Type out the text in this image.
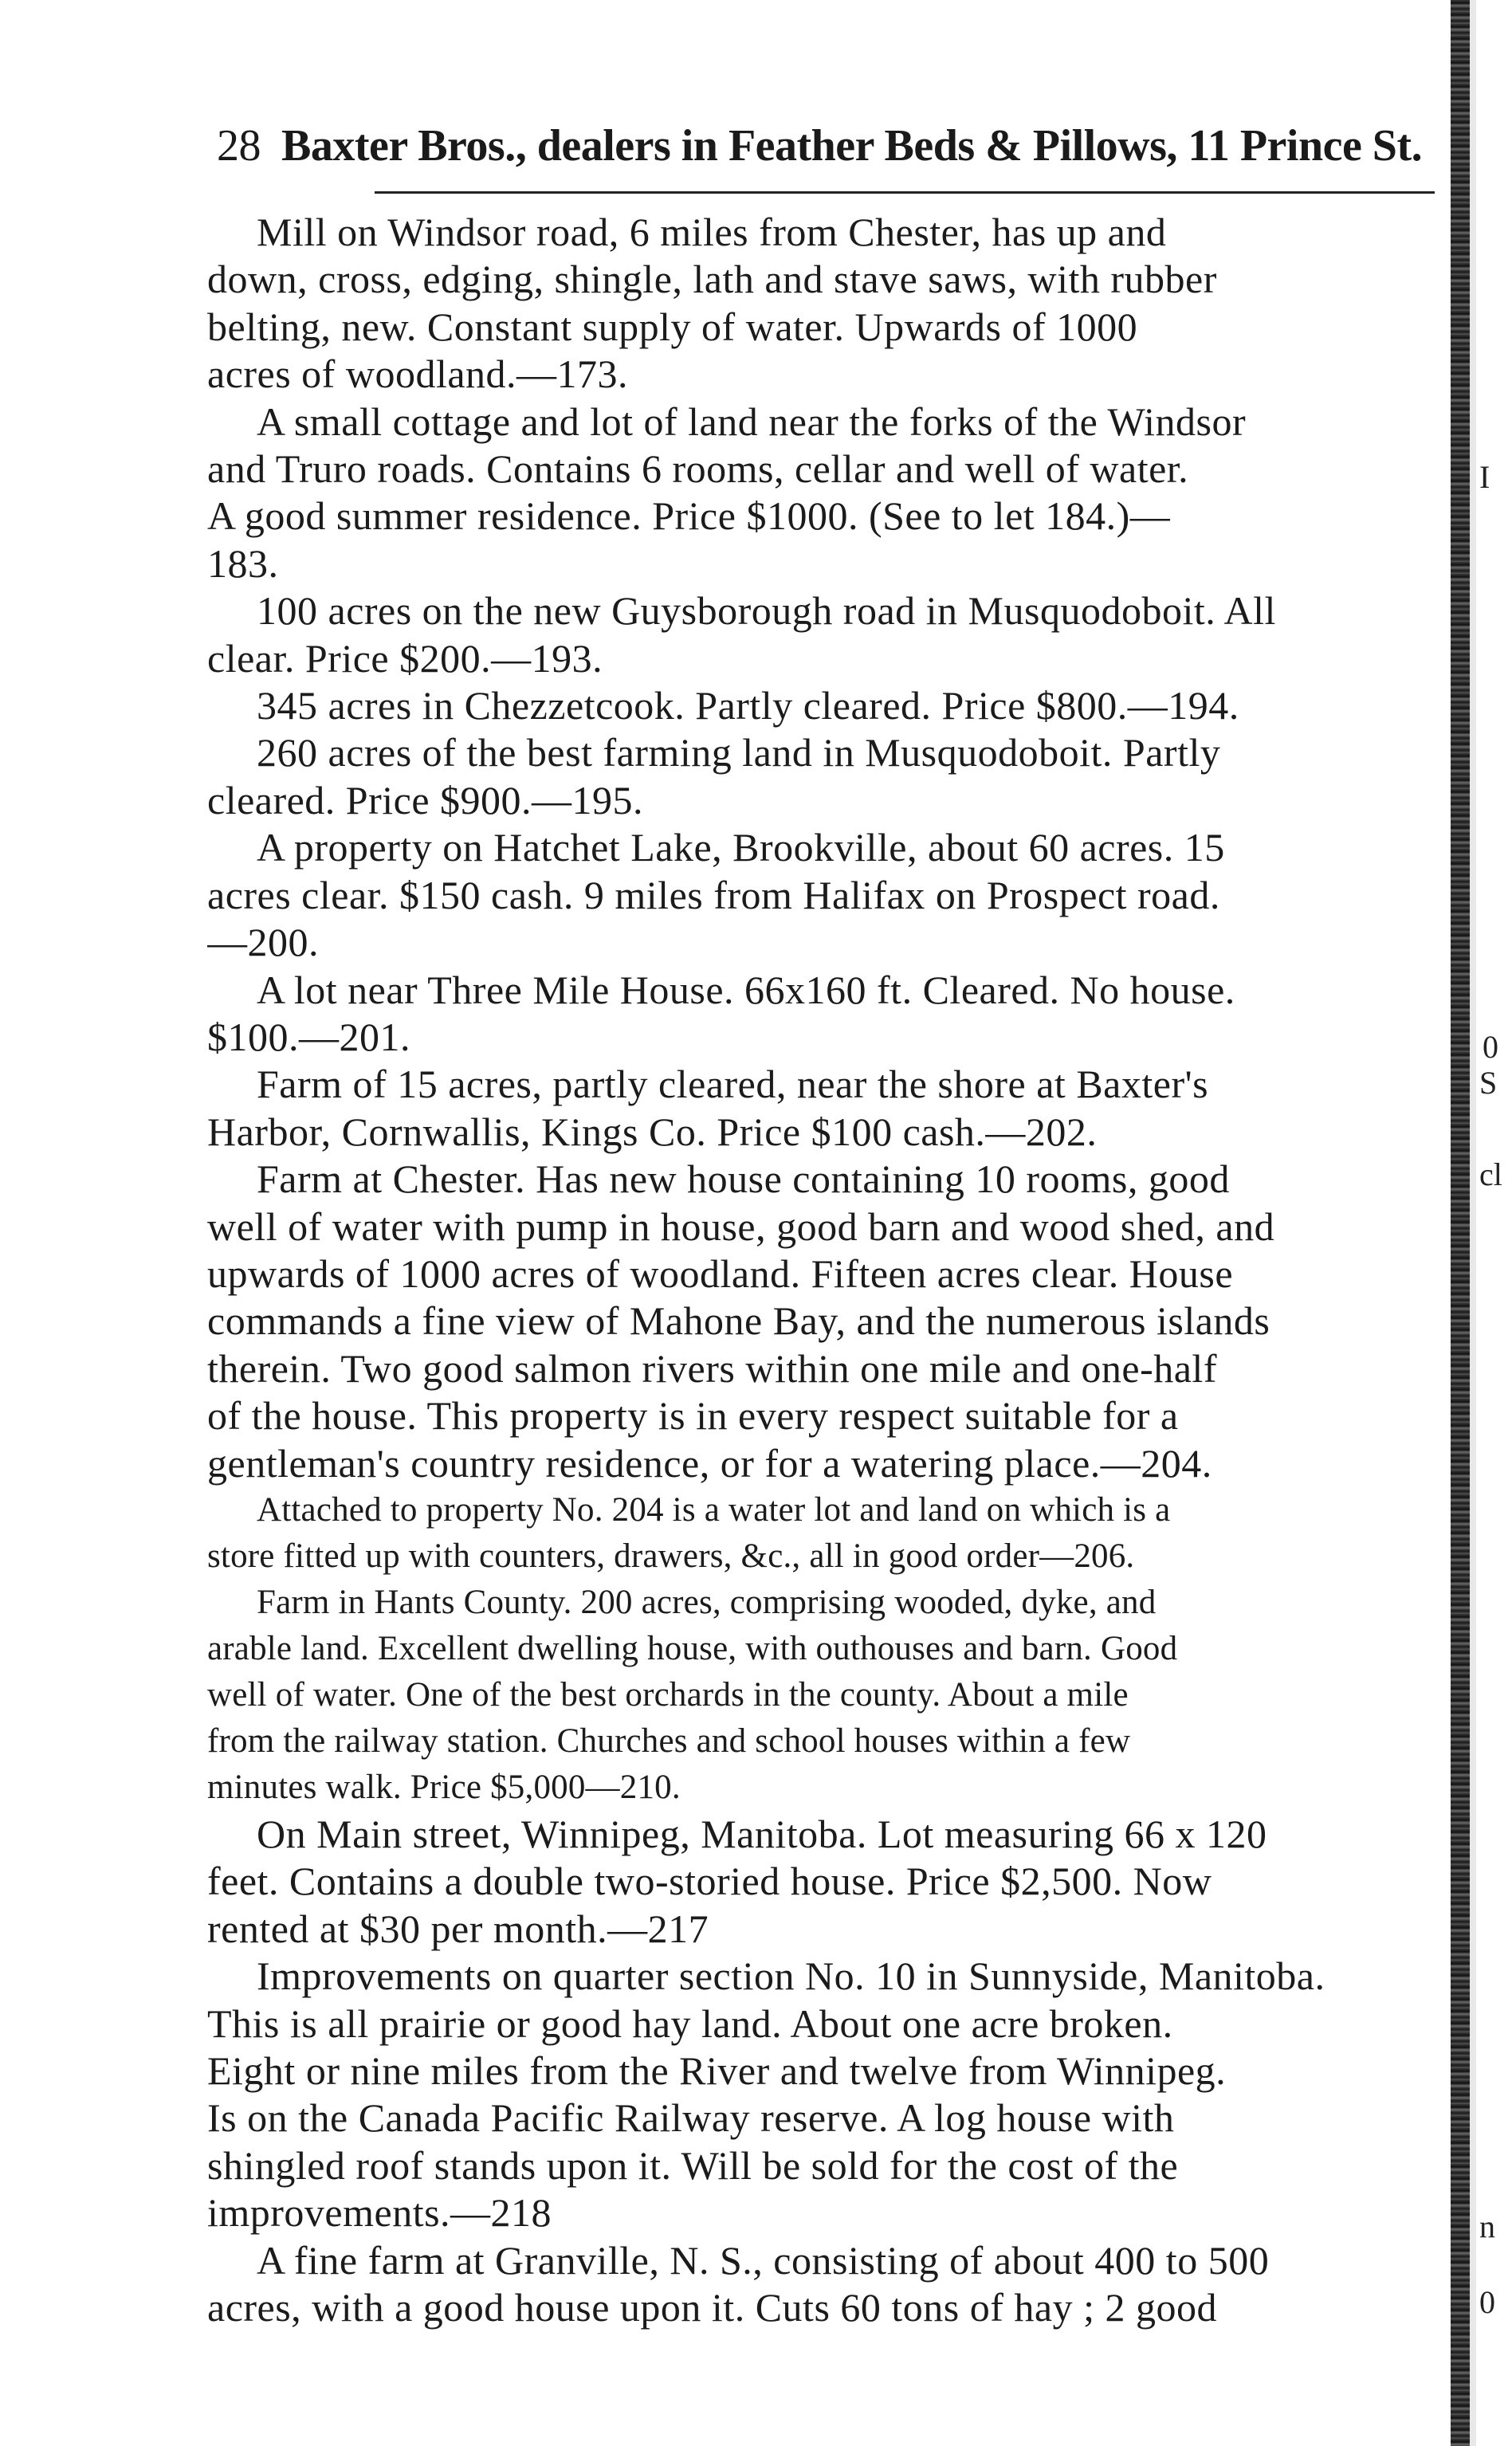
28 Baxter Bros., dealers in Feather Beds & Pillows, 11 Prince St.
Mill on Windsor road, 6 miles from Chester, has up and
down, cross, edging, shingle, lath and stave saws, with rubber
belting, new. Constant supply of water. Upwards of 1000
acres of woodland.—173.
A small cottage and lot of land near the forks of the Windsor
and Truro roads. Contains 6 rooms, cellar and well of water.
A good summer residence. Price $1000. (See to let 184.)—
183.
100 acres on the new Guysborough road in Musquodoboit. All
clear. Price $200.—193.
345 acres in Chezzetcook. Partly cleared. Price $800.—194.
260 acres of the best farming land in Musquodoboit. Partly
cleared. Price $900.—195.
A property on Hatchet Lake, Brookville, about 60 acres. 15
acres clear. $150 cash. 9 miles from Halifax on Prospect road.
—200.
A lot near Three Mile House. 66x160 ft. Cleared. No house.
$100.—201.
Farm of 15 acres, partly cleared, near the shore at Baxter's
Harbor, Cornwallis, Kings Co. Price $100 cash.—202.
Farm at Chester. Has new house containing 10 rooms, good
well of water with pump in house, good barn and wood shed, and
upwards of 1000 acres of woodland. Fifteen acres clear. House
commands a fine view of Mahone Bay, and the numerous islands
therein. Two good salmon rivers within one mile and one-half
of the house. This property is in every respect suitable for a
gentleman's country residence, or for a watering place.—204.
Attached to property No. 204 is a water lot and land on which is a
store fitted up with counters, drawers, &c., all in good order—206.
Farm in Hants County. 200 acres, comprising wooded, dyke, and
arable land. Excellent dwelling house, with outhouses and barn. Good
well of water. One of the best orchards in the county. About a mile
from the railway station. Churches and school houses within a few
minutes walk. Price $5,000—210.
On Main street, Winnipeg, Manitoba. Lot measuring 66 x 120
feet. Contains a double two-storied house. Price $2,500. Now
rented at $30 per month.—217
Improvements on quarter section No. 10 in Sunnyside, Manitoba.
This is all prairie or good hay land. About one acre broken.
Eight or nine miles from the River and twelve from Winnipeg.
Is on the Canada Pacific Railway reserve. A log house with
shingled roof stands upon it. Will be sold for the cost of the
improvements.—218
A fine farm at Granville, N. S., consisting of about 400 to 500
acres, with a good house upon it. Cuts 60 tons of hay ; 2 good
I
0
S
cl
n
0
